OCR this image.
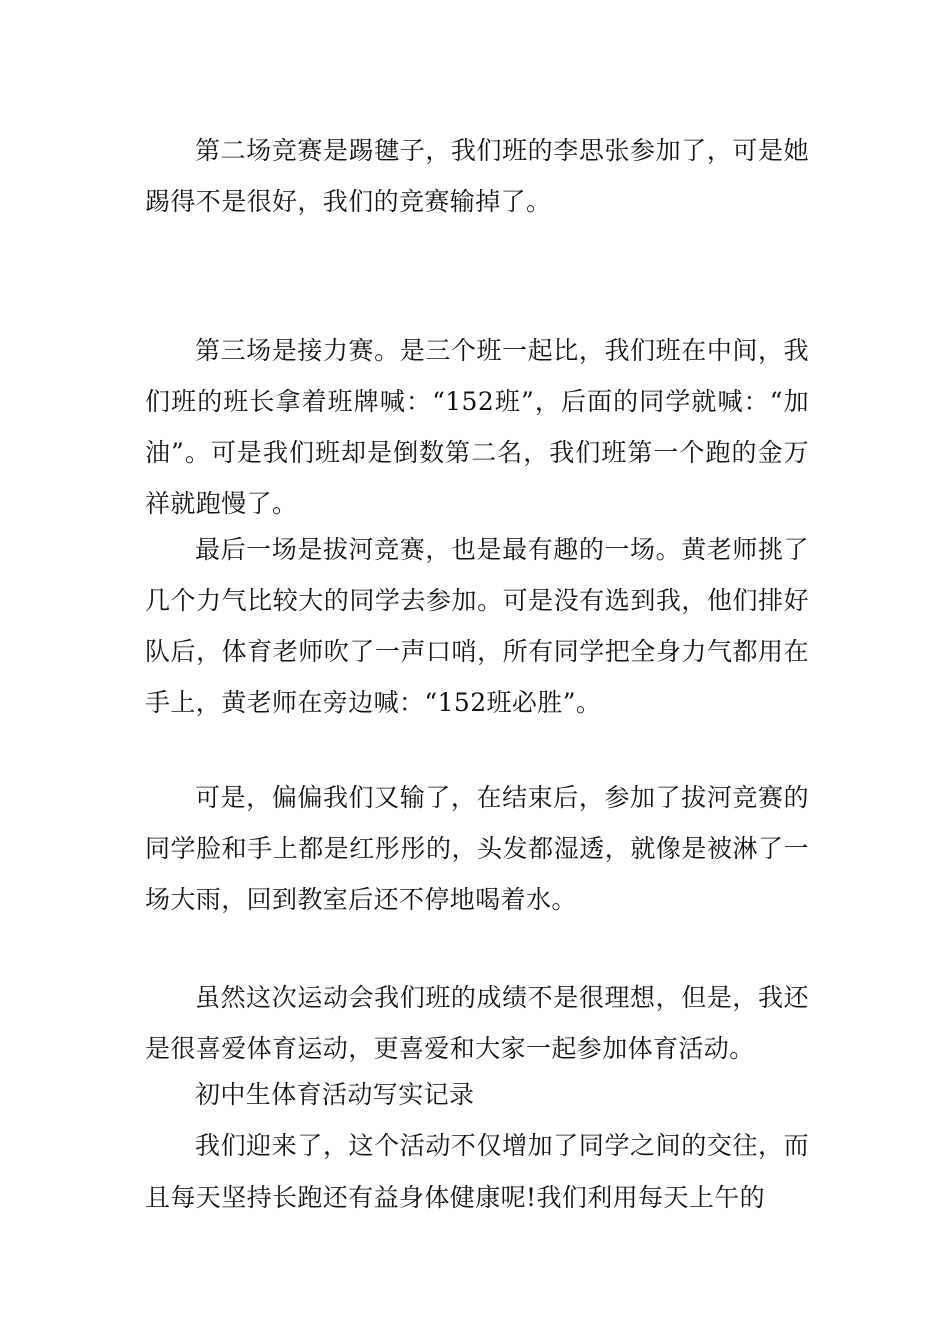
第二场竞赛是踢毽子，我们班的李思张参加了，可是她踢得不是很好，我们的竞赛输掉了。

第三场是接力赛。是三个班一起比，我们班在中间，我们班的班长拿着班牌喊：“152班”，后面的同学就喊：“加油”。可是我们班却是倒数第二名，我们班第一个跑的金万祥就跑慢了。

最后一场是拔河竞赛，也是最有趣的一场。黄老师挑了几个力气比较大的同学去参加。可是没有选到我，他们排好队后，体育老师吹了一声口哨，所有同学把全身力气都用在手上，黄老师在旁边喊：“152班必胜”。

可是，偏偏我们又输了，在结束后，参加了拔河竞赛的同学脸和手上都是红彤彤的，头发都湿透，就像是被淋了一场大雨，回到教室后还不停地喝着水。

虽然这次运动会我们班的成绩不是很理想，但是，我还是很喜爱体育运动，更喜爱和大家一起参加体育活动。

初中生体育活动写实记录

我们迎来了，这个活动不仅增加了同学之间的交往，而且每天坚持长跑还有益身体健康呢!我们利用每天上午的
